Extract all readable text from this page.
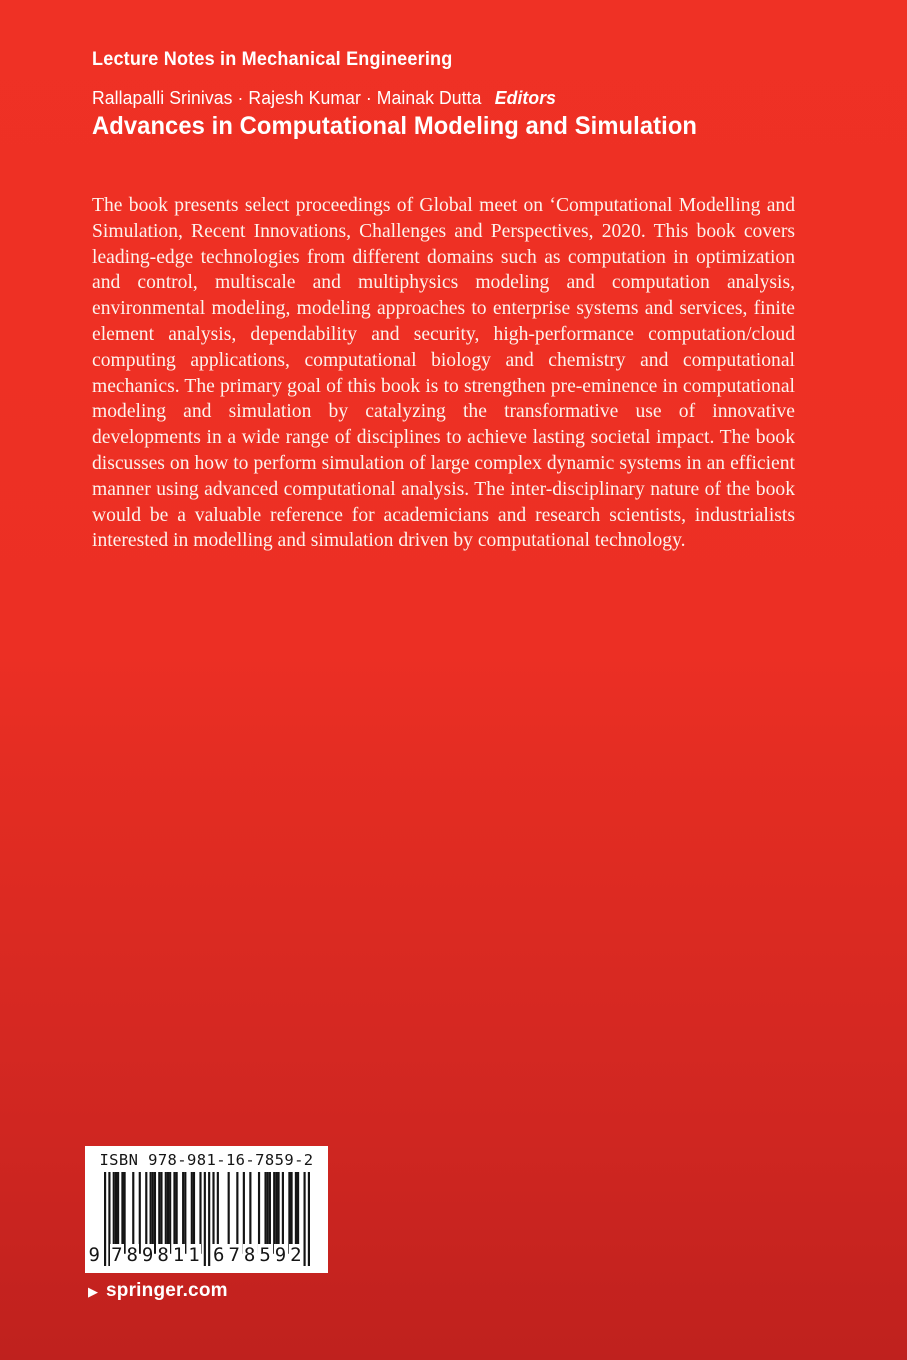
Lecture Notes in Mechanical Engineering
Rallapalli Srinivas · Rajesh Kumar · Mainak Dutta Editors
Advances in Computational Modeling and Simulation

The book presents select proceedings of Global meet on ‘Computational Modelling and Simulation, Recent Innovations, Challenges and Perspectives, 2020. This book covers leading-edge technologies from different domains such as computation in optimization and control, multiscale and multiphysics modeling and computation analysis, environmental modeling, modeling approaches to enterprise systems and services, finite element analysis, dependability and security, high-performance computation/cloud computing applications, computational biology and chemistry and computational mechanics. The primary goal of this book is to strengthen pre-eminence in computational modeling and simulation by catalyzing the transformative use of innovative developments in a wide range of disciplines to achieve lasting societal impact. The book discusses on how to perform simulation of large complex dynamic systems in an efficient manner using advanced computational analysis. The inter-disciplinary nature of the book would be a valuable reference for academicians and research scientists, industrialists interested in modelling and simulation driven by computational technology.

ISBN 978-981-16-7859-2
9 7 8 9 8 1 1 6 7 8 5 9 2
▶ springer.com
